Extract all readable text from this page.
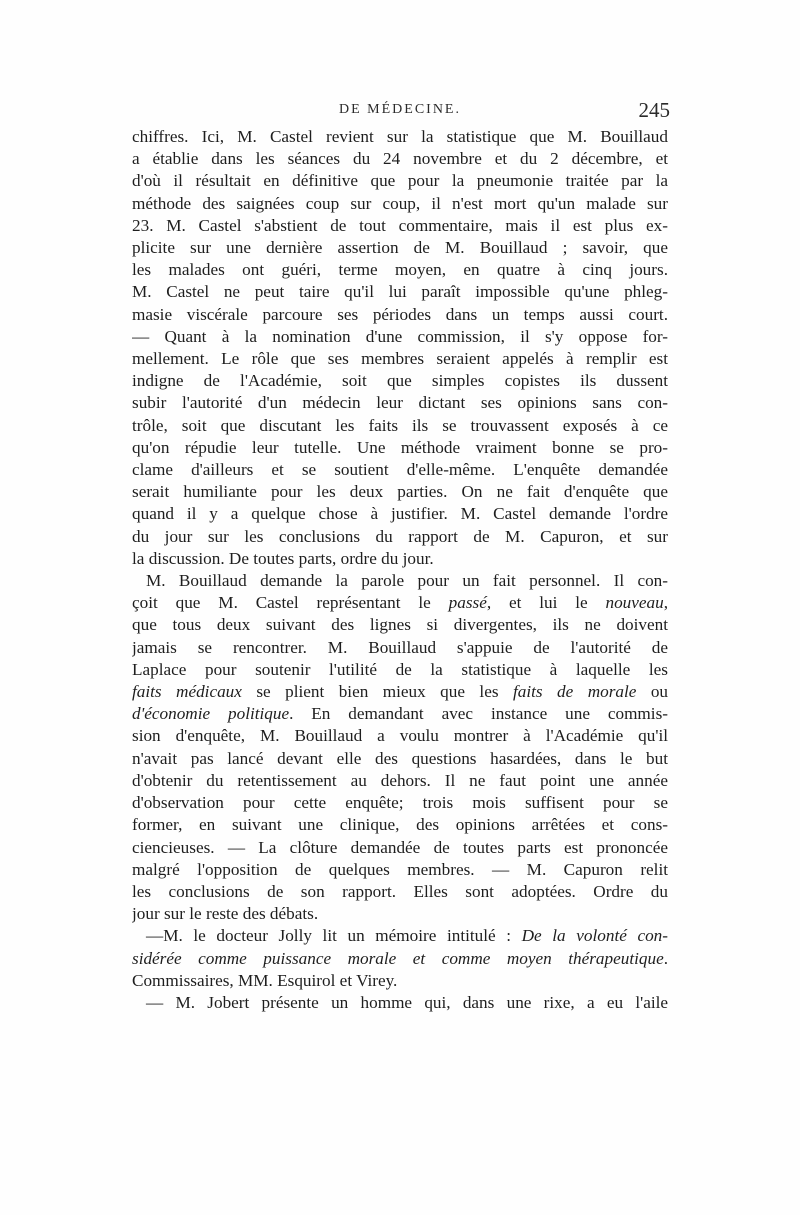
DE MÉDECINE.	245
chiffres. Ici, M. Castel revient sur la statistique que M. Bouillaud
a établie dans les séances du 24 novembre et du 2 décembre, et
d'où il résultait en définitive que pour la pneumonie traitée par la
méthode des saignées coup sur coup, il n'est mort qu'un malade sur
23. M. Castel s'abstient de tout commentaire, mais il est plus ex-
plicite sur une dernière assertion de M. Bouillaud ; savoir, que
les malades ont guéri, terme moyen, en quatre à cinq jours.
M. Castel ne peut taire qu'il lui paraît impossible qu'une phleg-
masie viscérale parcoure ses périodes dans un temps aussi court.
— Quant à la nomination d'une commission, il s'y oppose for-
mellement. Le rôle que ses membres seraient appelés à remplir est
indigne de l'Académie, soit que simples copistes ils dussent
subir l'autorité d'un médecin leur dictant ses opinions sans con-
trôle, soit que discutant les faits ils se trouvassent exposés à ce
qu'on répudie leur tutelle. Une méthode vraiment bonne se pro-
clame d'ailleurs et se soutient d'elle-même. L'enquête demandée
serait humiliante pour les deux parties. On ne fait d'enquête que
quand il y a quelque chose à justifier. M. Castel demande l'ordre
du jour sur les conclusions du rapport de M. Capuron, et sur
la discussion. De toutes parts, ordre du jour.
M. Bouillaud demande la parole pour un fait personnel. Il con-
çoit que M. Castel représentant le passé, et lui le nouveau,
que tous deux suivant des lignes si divergentes, ils ne doivent
jamais se rencontrer. M. Bouillaud s'appuie de l'autorité de
Laplace pour soutenir l'utilité de la statistique à laquelle les
faits médicaux se plient bien mieux que les faits de morale ou
d'économie politique. En demandant avec instance une commis-
sion d'enquête, M. Bouillaud a voulu montrer à l'Académie qu'il
n'avait pas lancé devant elle des questions hasardées, dans le but
d'obtenir du retentissement au dehors. Il ne faut point une année
d'observation pour cette enquête; trois mois suffisent pour se
former, en suivant une clinique, des opinions arrêtées et cons-
ciencieuses. — La clôture demandée de toutes parts est prononcée
malgré l'opposition de quelques membres. — M. Capuron relit
les conclusions de son rapport. Elles sont adoptées. Ordre du
jour sur le reste des débats.
—M. le docteur Jolly lit un mémoire intitulé : De la volonté con-
sidérée comme puissance morale et comme moyen thérapeutique.
Commissaires, MM. Esquirol et Virey.
— M. Jobert présente un homme qui, dans une rixe, a eu l'aile
